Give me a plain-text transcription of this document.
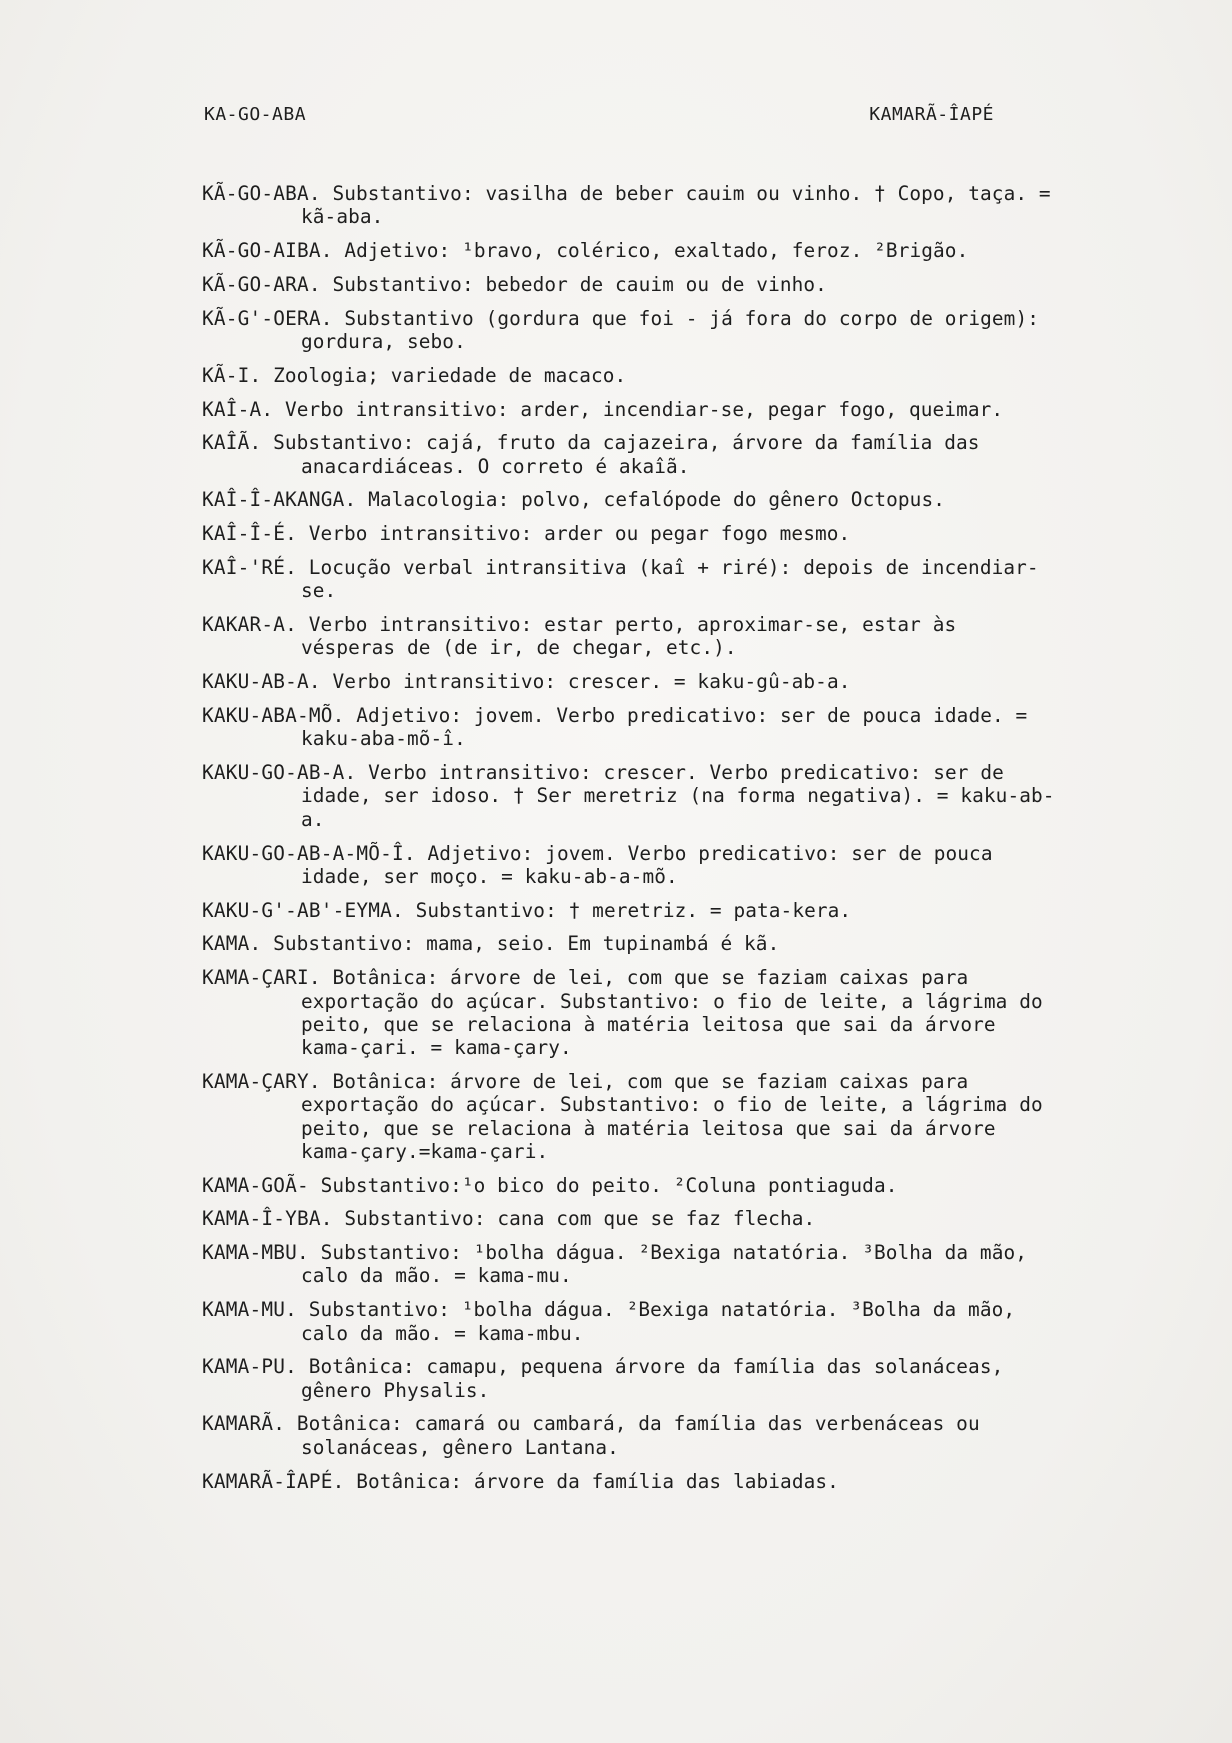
KA-GO-ABA	KAMARÃ-ÎAPÉ

KÃ-GO-ABA. Substantivo: vasilha de beber cauim ou vinho. † Copo, taça. = kã-aba.

KÃ-GO-AIBA. Adjetivo: ¹bravo, colérico, exaltado, feroz. ²Brigão.

KÃ-GO-ARA. Substantivo: bebedor de cauim ou de vinho.

KÃ-G'-OERA. Substantivo (gordura que foi - já fora do corpo de origem): gordura, sebo.

KÃ-I. Zoologia; variedade de macaco.

KAÎ-A. Verbo intransitivo: arder, incendiar-se, pegar fogo, queimar.

KAÎÃ. Substantivo: cajá, fruto da cajazeira, árvore da família das anacardiáceas. O correto é akaîã.

KAÎ-Î-AKANGA. Malacologia: polvo, cefalópode do gênero Octopus.

KAÎ-Î-É. Verbo intransitivo: arder ou pegar fogo mesmo.

KAÎ-'RÉ. Locução verbal intransitiva (kaî + riré): depois de incendiar-se.

KAKAR-A. Verbo intransitivo: estar perto, aproximar-se, estar às vésperas de (de ir, de chegar, etc.).

KAKU-AB-A. Verbo intransitivo: crescer. = kaku-gû-ab-a.

KAKU-ABA-MÕ. Adjetivo: jovem. Verbo predicativo: ser de pouca idade. = kaku-aba-mõ-î.

KAKU-GO-AB-A. Verbo intransitivo: crescer. Verbo predicativo: ser de idade, ser idoso. † Ser meretriz (na forma negativa). = kaku-ab-a.

KAKU-GO-AB-A-MÕ-Î. Adjetivo: jovem. Verbo predicativo: ser de pouca idade, ser moço. = kaku-ab-a-mõ.

KAKU-G'-AB'-EYMA. Substantivo: † meretriz. = pata-kera.

KAMA. Substantivo: mama, seio. Em tupinambá é kã.

KAMA-ÇARI. Botânica: árvore de lei, com que se faziam caixas para exportação do açúcar. Substantivo: o fio de leite, a lágrima do peito, que se relaciona à matéria leitosa que sai da árvore kama-çari. = kama-çary.

KAMA-ÇARY. Botânica: árvore de lei, com que se faziam caixas para exportação do açúcar. Substantivo: o fio de leite, a lágrima do peito, que se relaciona à matéria leitosa que sai da árvore kama-çary.=kama-çari.

KAMA-GOÃ- Substantivo:¹o bico do peito. ²Coluna pontiaguda.

KAMA-Î-YBA. Substantivo: cana com que se faz flecha.

KAMA-MBU. Substantivo: ¹bolha dágua. ²Bexiga natatória. ³Bolha da mão, calo da mão. = kama-mu.

KAMA-MU. Substantivo: ¹bolha dágua. ²Bexiga natatória. ³Bolha da mão, calo da mão. = kama-mbu.

KAMA-PU. Botânica: camapu, pequena árvore da família das solanáceas, gênero Physalis.

KAMARÃ. Botânica: camará ou cambará, da família das verbenáceas ou solanáceas, gênero Lantana.

KAMARÃ-ÎAPÉ. Botânica: árvore da família das labiadas.
